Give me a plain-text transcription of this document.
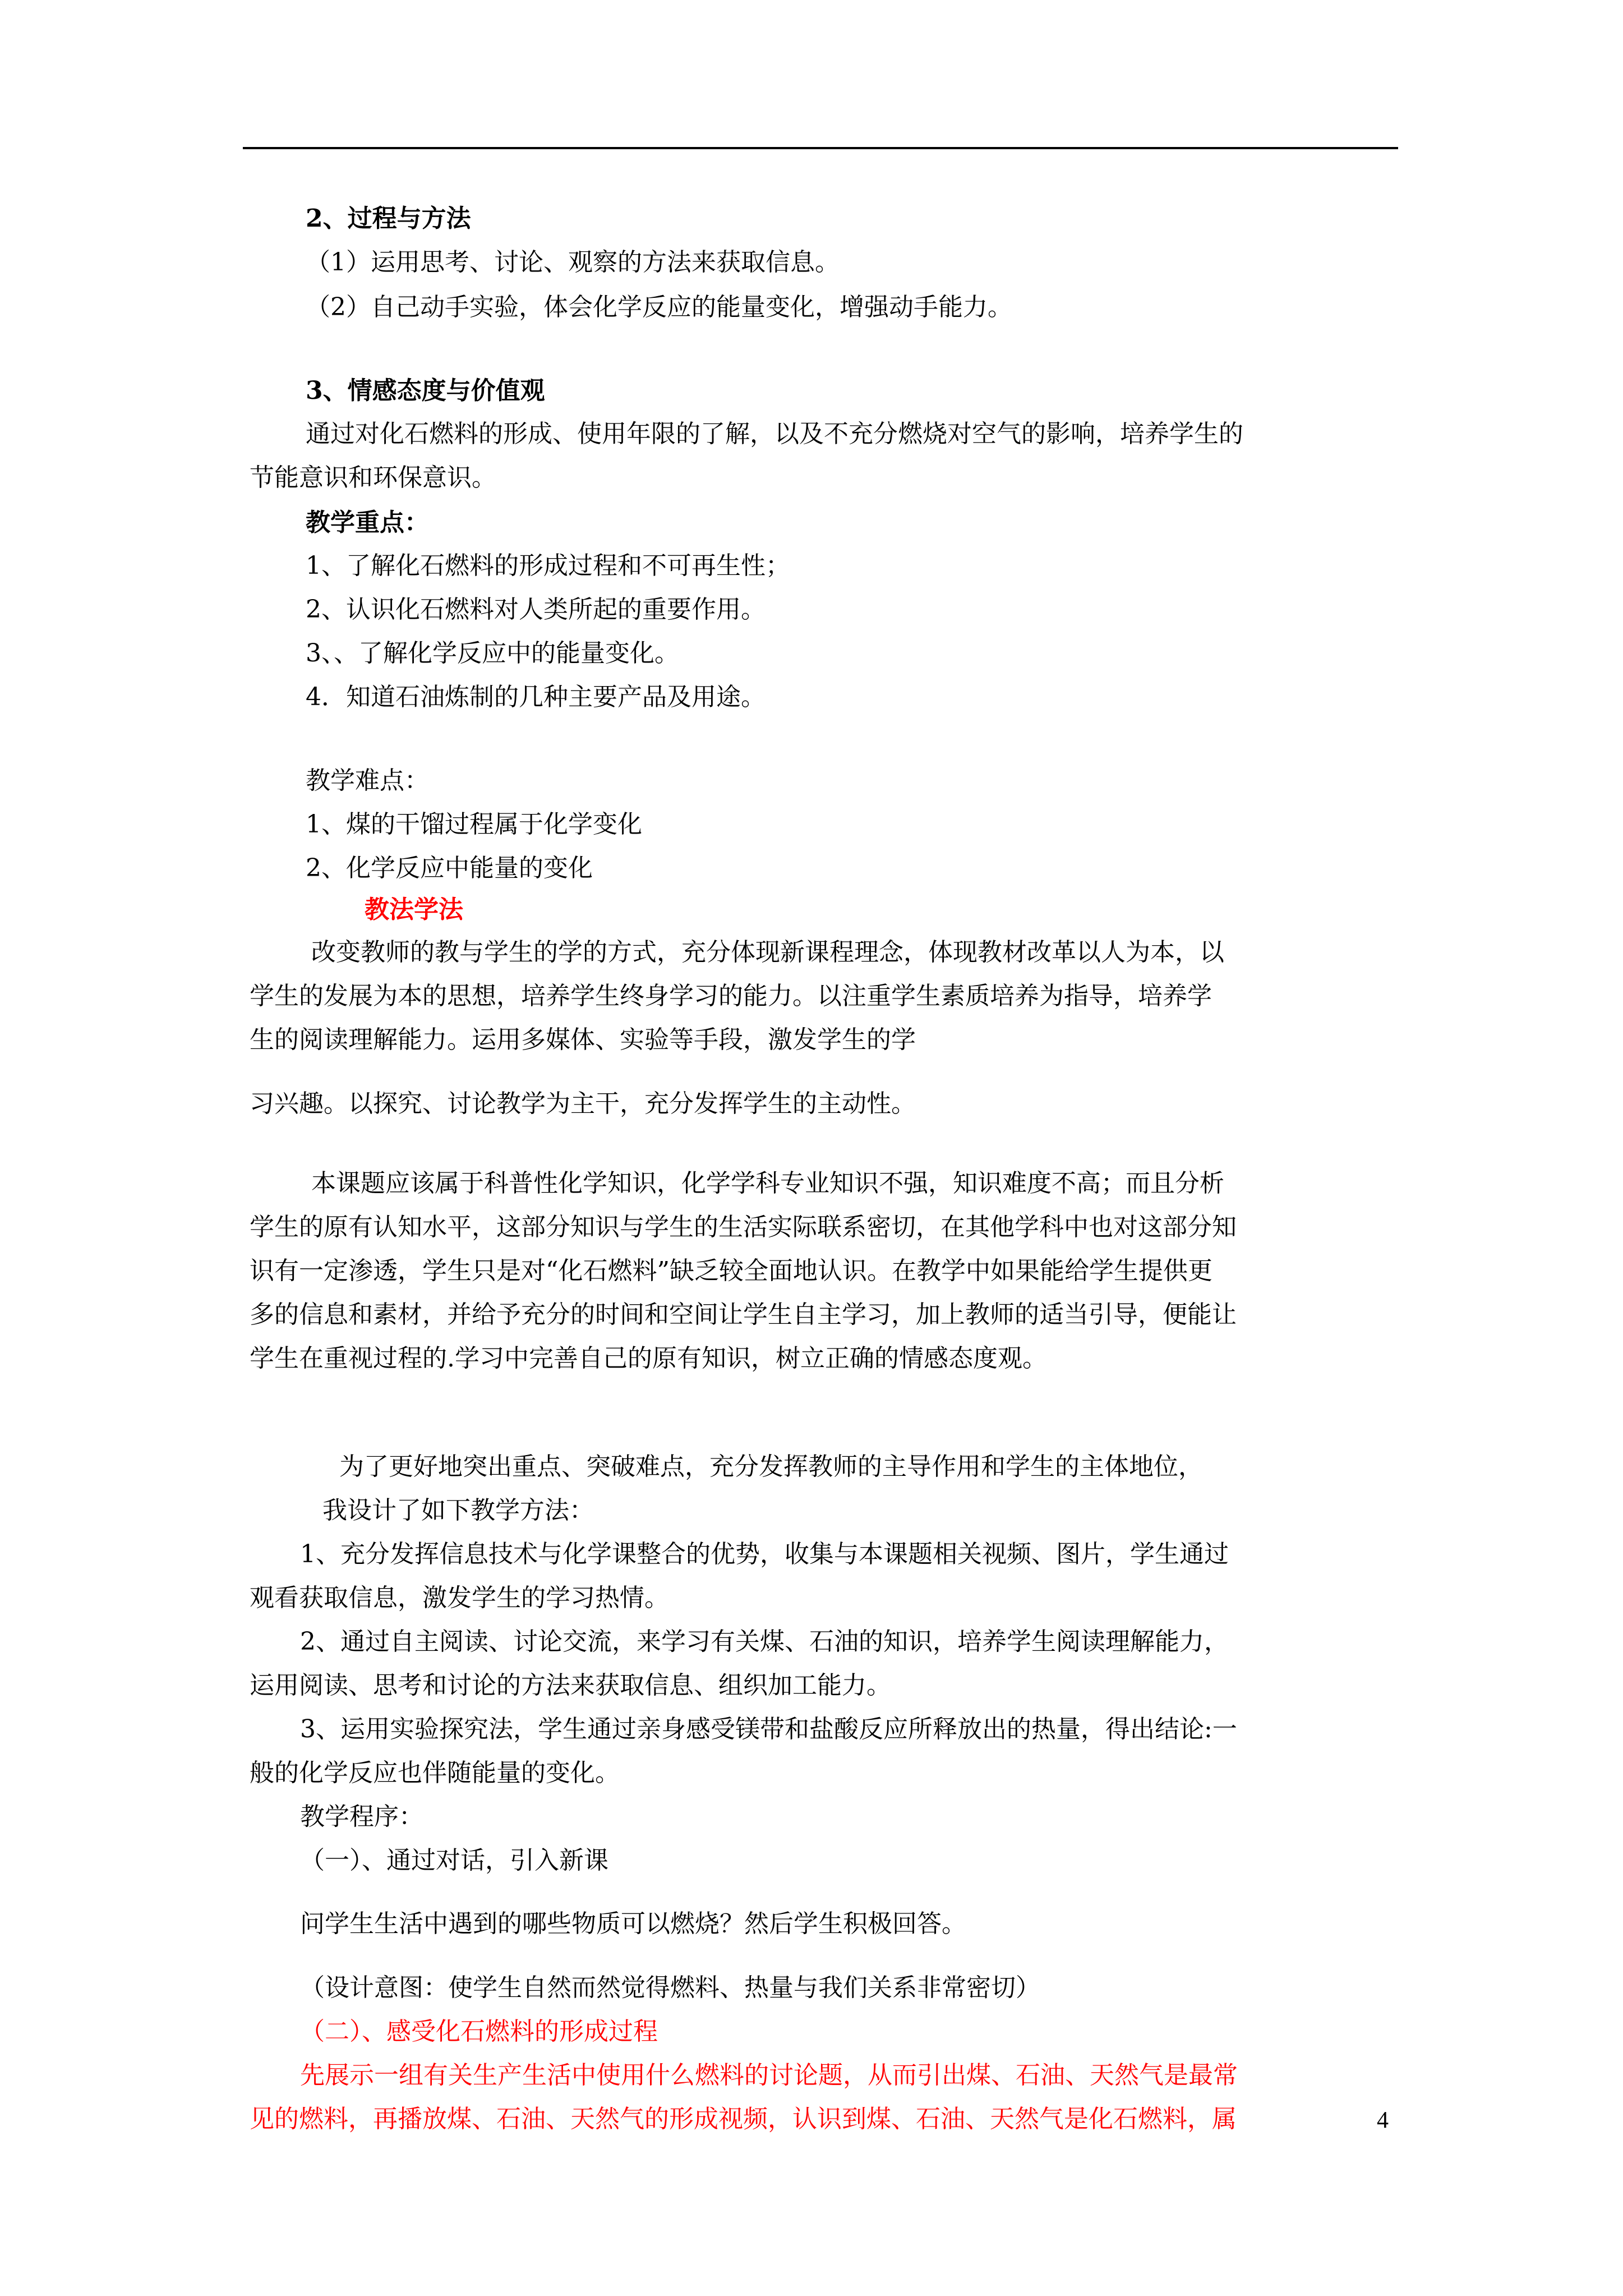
2、过程与方法
（1）运用思考、讨论、观察的方法来获取信息。
（2）自己动手实验，体会化学反应的能量变化，增强动手能力。
3、情感态度与价值观
通过对化石燃料的形成、使用年限的了解，以及不充分燃烧对空气的影响，培养学生的
节能意识和环保意识。
教学重点：
1、了解化石燃料的形成过程和不可再生性；
2、认识化石燃料对人类所起的重要作用。
3、、了解化学反应中的能量变化。
4．知道石油炼制的几种主要产品及用途。
教学难点：
1、煤的干馏过程属于化学变化
2、化学反应中能量的变化
教法学法
改变教师的教与学生的学的方式，充分体现新课程理念，体现教材改革以人为本，以
学生的发展为本的思想，培养学生终身学习的能力。以注重学生素质培养为指导，培养学
生的阅读理解能力。运用多媒体、实验等手段，激发学生的学
习兴趣。以探究、讨论教学为主干，充分发挥学生的主动性。
本课题应该属于科普性化学知识，化学学科专业知识不强，知识难度不高；而且分析
学生的原有认知水平，这部分知识与学生的生活实际联系密切，在其他学科中也对这部分知
识有一定渗透，学生只是对“化石燃料”缺乏较全面地认识。在教学中如果能给学生提供更
多的信息和素材，并给予充分的时间和空间让学生自主学习，加上教师的适当引导，便能让
学生在重视过程的.学习中完善自己的原有知识，树立正确的情感态度观。
为了更好地突出重点、突破难点，充分发挥教师的主导作用和学生的主体地位，
我设计了如下教学方法：
1、充分发挥信息技术与化学课整合的优势，收集与本课题相关视频、图片，学生通过
观看获取信息，激发学生的学习热情。
2、通过自主阅读、讨论交流，来学习有关煤、石油的知识，培养学生阅读理解能力，
运用阅读、思考和讨论的方法来获取信息、组织加工能力。
3、运用实验探究法，学生通过亲身感受镁带和盐酸反应所释放出的热量，得出结论:一
般的化学反应也伴随能量的变化。
教学程序：
（一）、通过对话，引入新课
问学生生活中遇到的哪些物质可以燃烧？然后学生积极回答。
（设计意图：使学生自然而然觉得燃料、热量与我们关系非常密切）
（二）、感受化石燃料的形成过程
先展示一组有关生产生活中使用什么燃料的讨论题，从而引出煤、石油、天然气是最常
见的燃料，再播放煤、石油、天然气的形成视频，认识到煤、石油、天然气是化石燃料，属	4
